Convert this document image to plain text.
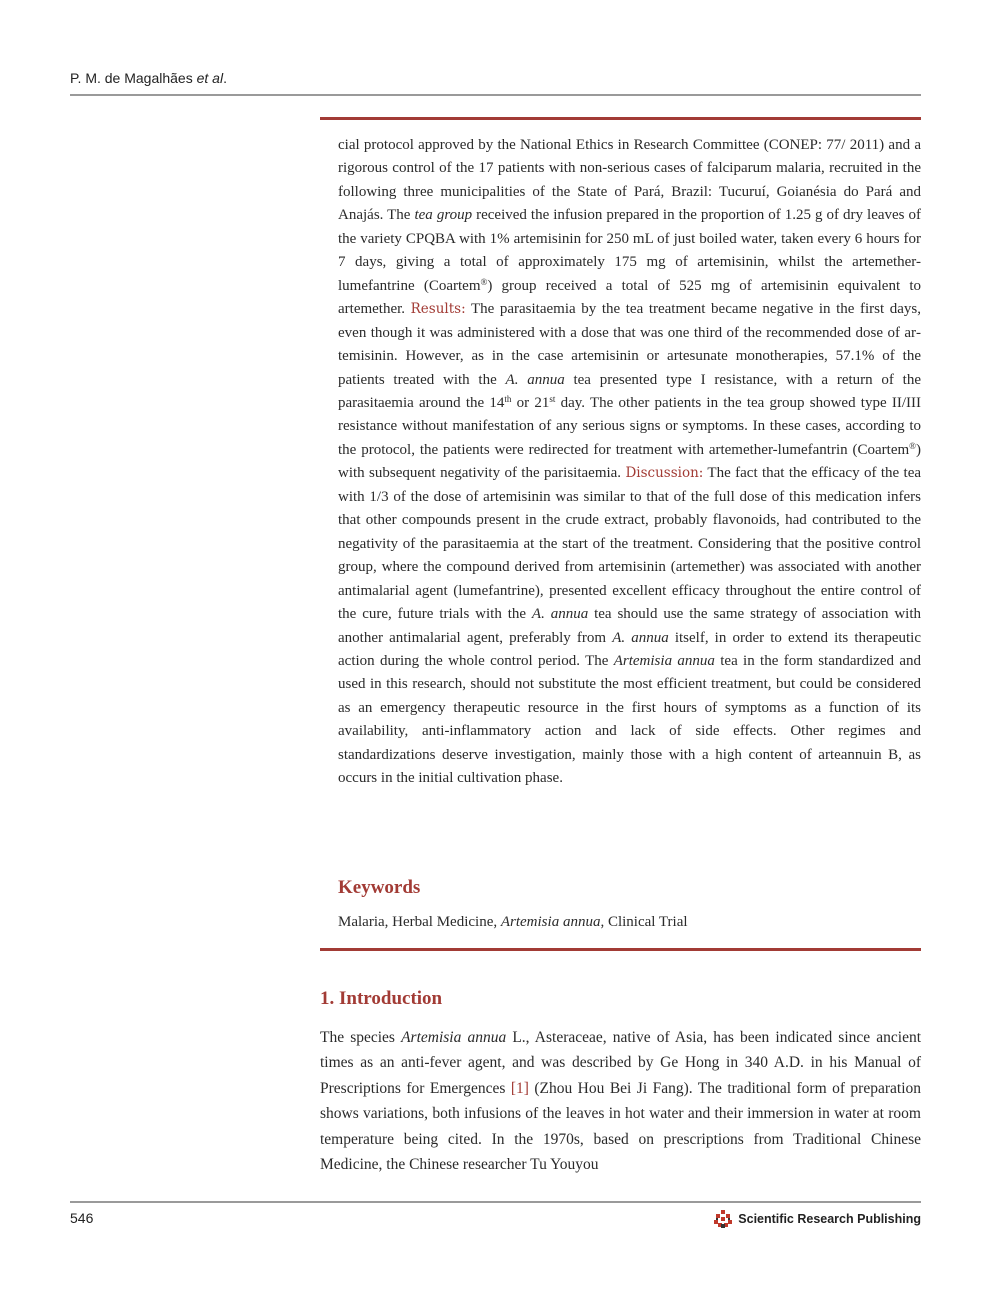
P. M. de Magalhães et al.
cial protocol approved by the National Ethics in Research Committee (CONEP: 77/ 2011) and a rigorous control of the 17 patients with non-serious cases of falciparum malaria, recruited in the following three municipalities of the State of Pará, Brazil: Tucuruí, Goianésia do Pará and Anajás. The tea group received the infusion prepared in the proportion of 1.25 g of dry leaves of the variety CPQBA with 1% artemisinin for 250 mL of just boiled water, taken every 6 hours for 7 days, giving a total of approximately 175 mg of artemisinin, whilst the artemether-lumefantrine (Coartem®) group received a total of 525 mg of artemisinin equivalent to artemether. Results: The parasitaemia by the tea treatment became negative in the first days, even though it was administered with a dose that was one third of the recommended dose of artemisinin. However, as in the case artemisinin or artesunate monotherapies, 57.1% of the patients treated with the A. annua tea presented type I resistance, with a return of the parasitaemia around the 14th or 21st day. The other patients in the tea group showed type II/III resistance without manifestation of any serious signs or symptoms. In these cases, according to the protocol, the patients were redirected for treatment with artemether-lumefantrin (Coartem®) with subsequent negativity of the parisitaemia. Discussion: The fact that the efficacy of the tea with 1/3 of the dose of artemisinin was similar to that of the full dose of this medication infers that other compounds present in the crude extract, probably flavonoids, had contributed to the negativity of the parasitaemia at the start of the treatment. Considering that the positive control group, where the compound derived from artemisinin (artemether) was associated with another antimalarial agent (lumefantrine), presented excellent efficacy throughout the entire control of the cure, future trials with the A. annua tea should use the same strategy of association with another antimalarial agent, preferably from A. annua itself, in order to extend its therapeutic action during the whole control period. The Artemisia annua tea in the form standardized and used in this research, should not substitute the most efficient treatment, but could be considered as an emergency therapeutic resource in the first hours of symptoms as a function of its availability, anti-inflammatory action and lack of side effects. Other regimes and standardizations deserve investigation, mainly those with a high content of arteannuin B, as occurs in the initial cultivation phase.
Keywords
Malaria, Herbal Medicine, Artemisia annua, Clinical Trial
1. Introduction
The species Artemisia annua L., Asteraceae, native of Asia, has been indicated since ancient times as an anti-fever agent, and was described by Ge Hong in 340 A.D. in his Manual of Prescriptions for Emergences [1] (Zhou Hou Bei Ji Fang). The traditional form of preparation shows variations, both infusions of the leaves in hot water and their immersion in water at room temperature being cited. In the 1970s, based on prescriptions from Traditional Chinese Medicine, the Chinese researcher Tu Youyou
546	Scientific Research Publishing
